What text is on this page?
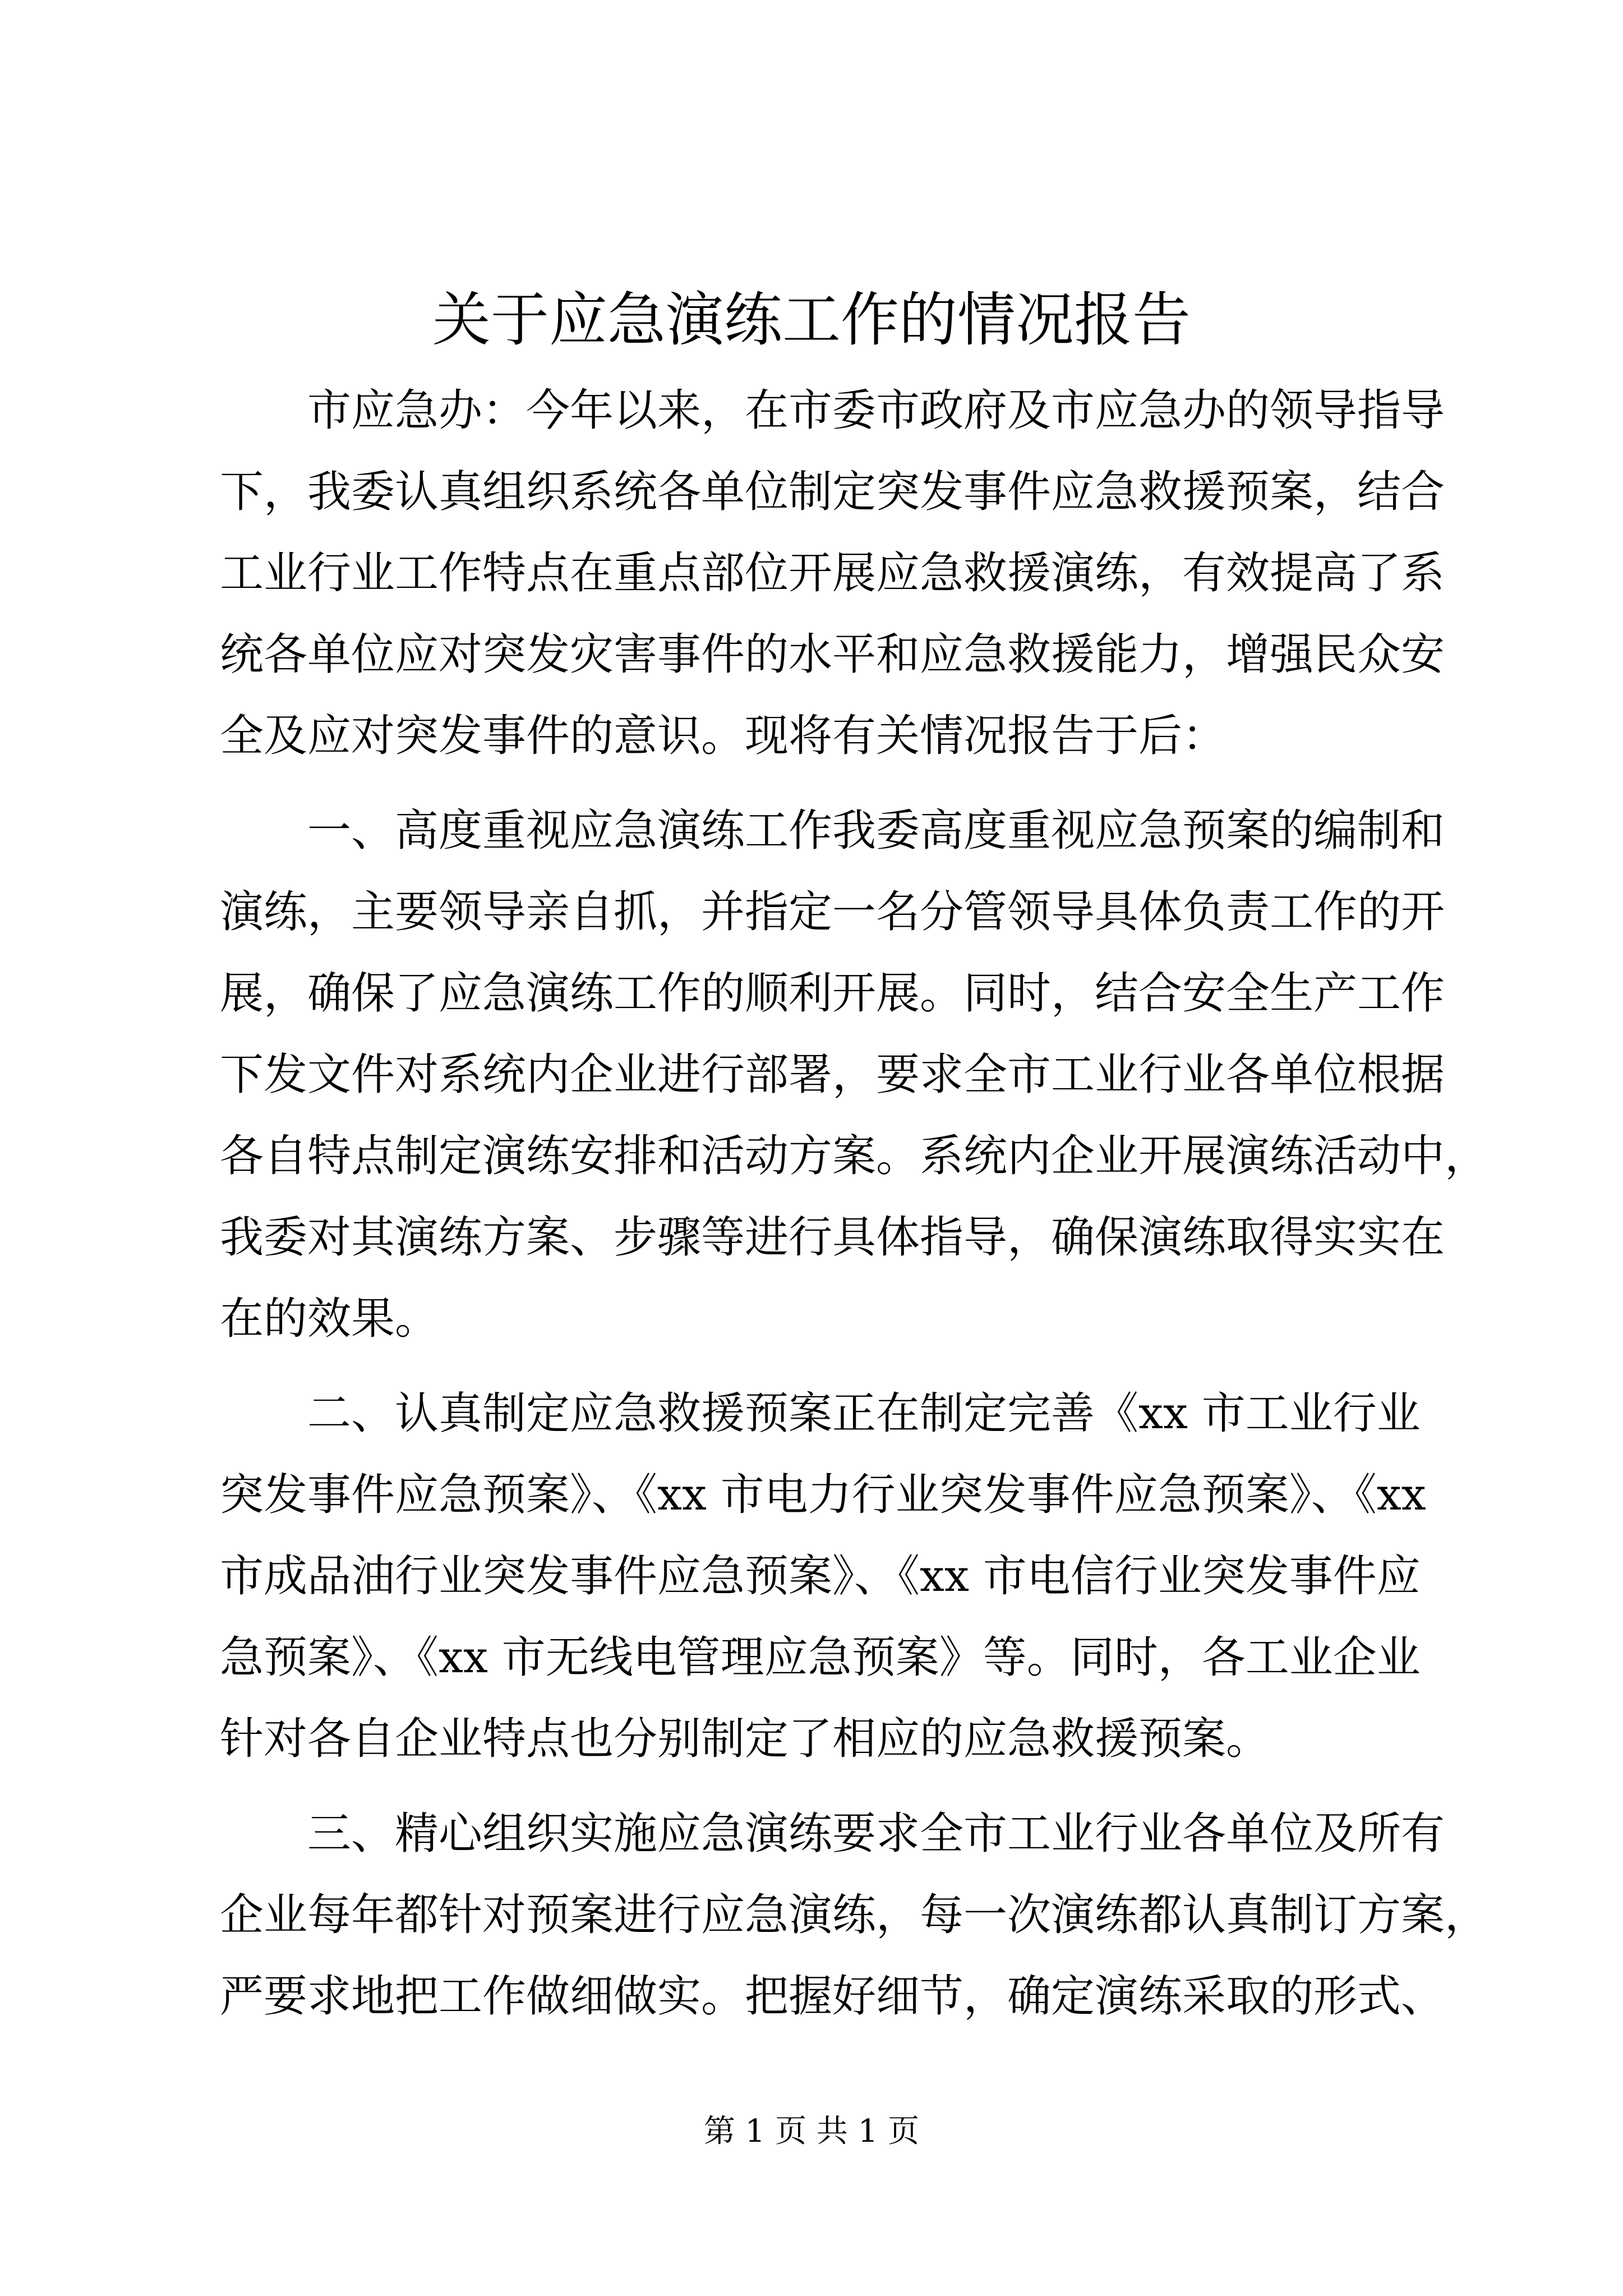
关于应急演练工作的情况报告
市应急办：今年以来，在市委市政府及市应急办的领导指导
下，我委认真组织系统各单位制定突发事件应急救援预案，结合
工业行业工作特点在重点部位开展应急救援演练，有效提高了系
统各单位应对突发灾害事件的水平和应急救援能力，增强民众安
全及应对突发事件的意识。现将有关情况报告于后：
一、高度重视应急演练工作我委高度重视应急预案的编制和
演练，主要领导亲自抓，并指定一名分管领导具体负责工作的开
展，确保了应急演练工作的顺利开展。同时，结合安全生产工作
下发文件对系统内企业进行部署，要求全市工业行业各单位根据
各自特点制定演练安排和活动方案。系统内企业开展演练活动中，
我委对其演练方案、步骤等进行具体指导，确保演练取得实实在
在的效果。
二、认真制定应急救援预案正在制定完善《xx 市工业行业
突发事件应急预案》、《xx 市电力行业突发事件应急预案》、《xx
市成品油行业突发事件应急预案》、《xx 市电信行业突发事件应
急预案》、《xx 市无线电管理应急预案》等。同时，各工业企业
针对各自企业特点也分别制定了相应的应急救援预案。
三、精心组织实施应急演练要求全市工业行业各单位及所有
企业每年都针对预案进行应急演练，每一次演练都认真制订方案，
严要求地把工作做细做实。把握好细节，确定演练采取的形式、
第 1 页 共 1 页
